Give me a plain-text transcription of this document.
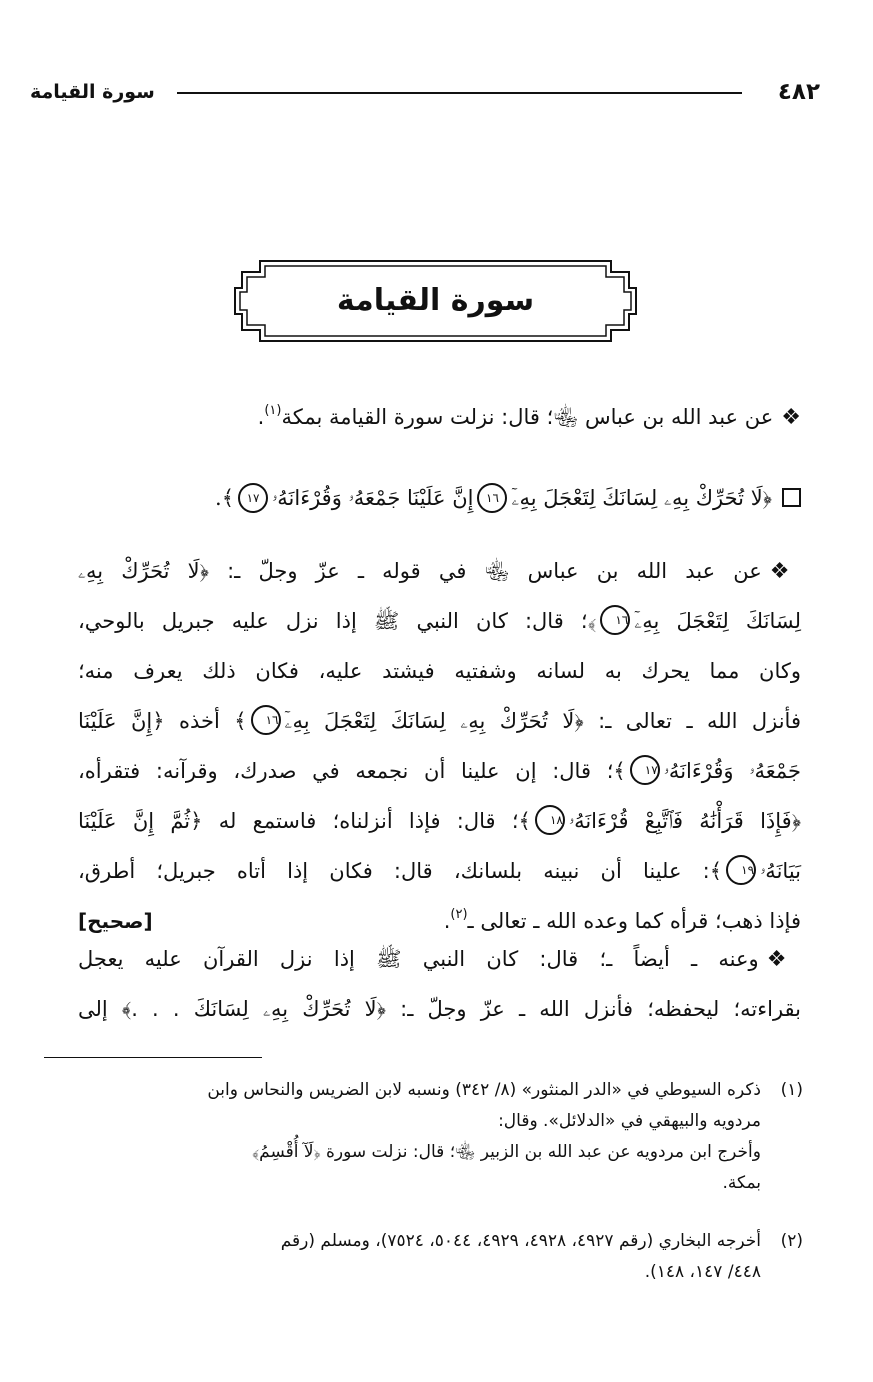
٤٨٢
سورة القيامة
سورة القيامة
❖عن عبد الله بن عباس ﵄؛ قال: نزلت سورة القيامة بمكة$^{(١)}$.
﴿لَا تُحَرِّكْ بِهِۦ لِسَانَكَ لِتَعْجَلَ بِهِۦٓ١٦إِنَّ عَلَيْنَا جَمْعَهُۥ وَقُرْءَانَهُۥ١٧﴾.
❖عن عبد الله بن عباس ﵄ في قوله ـ عزّ وجلّ ـ: ﴿لَا تُحَرِّكْ بِهِۦ
لِسَانَكَ لِتَعْجَلَ بِهِۦٓ١٦﴾؛ قال: كان النبي ﷺ إذا نزل عليه جبريل بالوحي،
وكان مما يحرك به لسانه وشفتيه فيشتد عليه، فكان ذلك يعرف منه؛
فأنزل الله ـ تعالى ـ: ﴿لَا تُحَرِّكْ بِهِۦ لِسَانَكَ لِتَعْجَلَ بِهِۦٓ١٦﴾ أخذه ﴿إِنَّ عَلَيْنَا
جَمْعَهُۥ وَقُرْءَانَهُۥ١٧﴾؛ قال: إن علينا أن نجمعه في صدرك، وقرآنه: فتقرأه،
﴿فَإِذَا قَرَأْنَٰهُ فَٱتَّبِعْ قُرْءَانَهُۥ١٨﴾؛ قال: فإذا أنزلناه؛ فاستمع له ﴿ثُمَّ إِنَّ عَلَيْنَا
بَيَانَهُۥ١٩﴾: علينا أن نبينه بلسانك، قال: فكان إذا أتاه جبريل؛ أطرق،
فإذا ذهب؛ قرأه كما وعده الله ـ تعالى ـ$^{(٢)}$.
[صحيح]
❖وعنه ـ أيضاً ـ؛ قال: كان النبي ﷺ إذا نزل القرآن عليه يعجل
بقراءته؛ ليحفظه؛ فأنزل الله ـ عزّ وجلّ ـ: ﴿لَا تُحَرِّكْ بِهِۦ لِسَانَكَ . . .﴾ إلى
(١)ذكره السيوطي في «الدر المنثور» (٨/ ٣٤٢) ونسبه لابن الضريس والنحاس وابن
مردويه والبيهقي في «الدلائل». وقال:
وأخرج ابن مردويه عن عبد الله بن الزبير ﵄؛ قال: نزلت سورة ﴿لَآ أُقْسِمُ﴾
بمكة.
(٢)أخرجه البخاري (رقم ٤٩٢٧، ٤٩٢٨، ٤٩٢٩، ٥٠٤٤، ٧٥٢٤)، ومسلم (رقم
٤٤٨/ ١٤٧، ١٤٨).
